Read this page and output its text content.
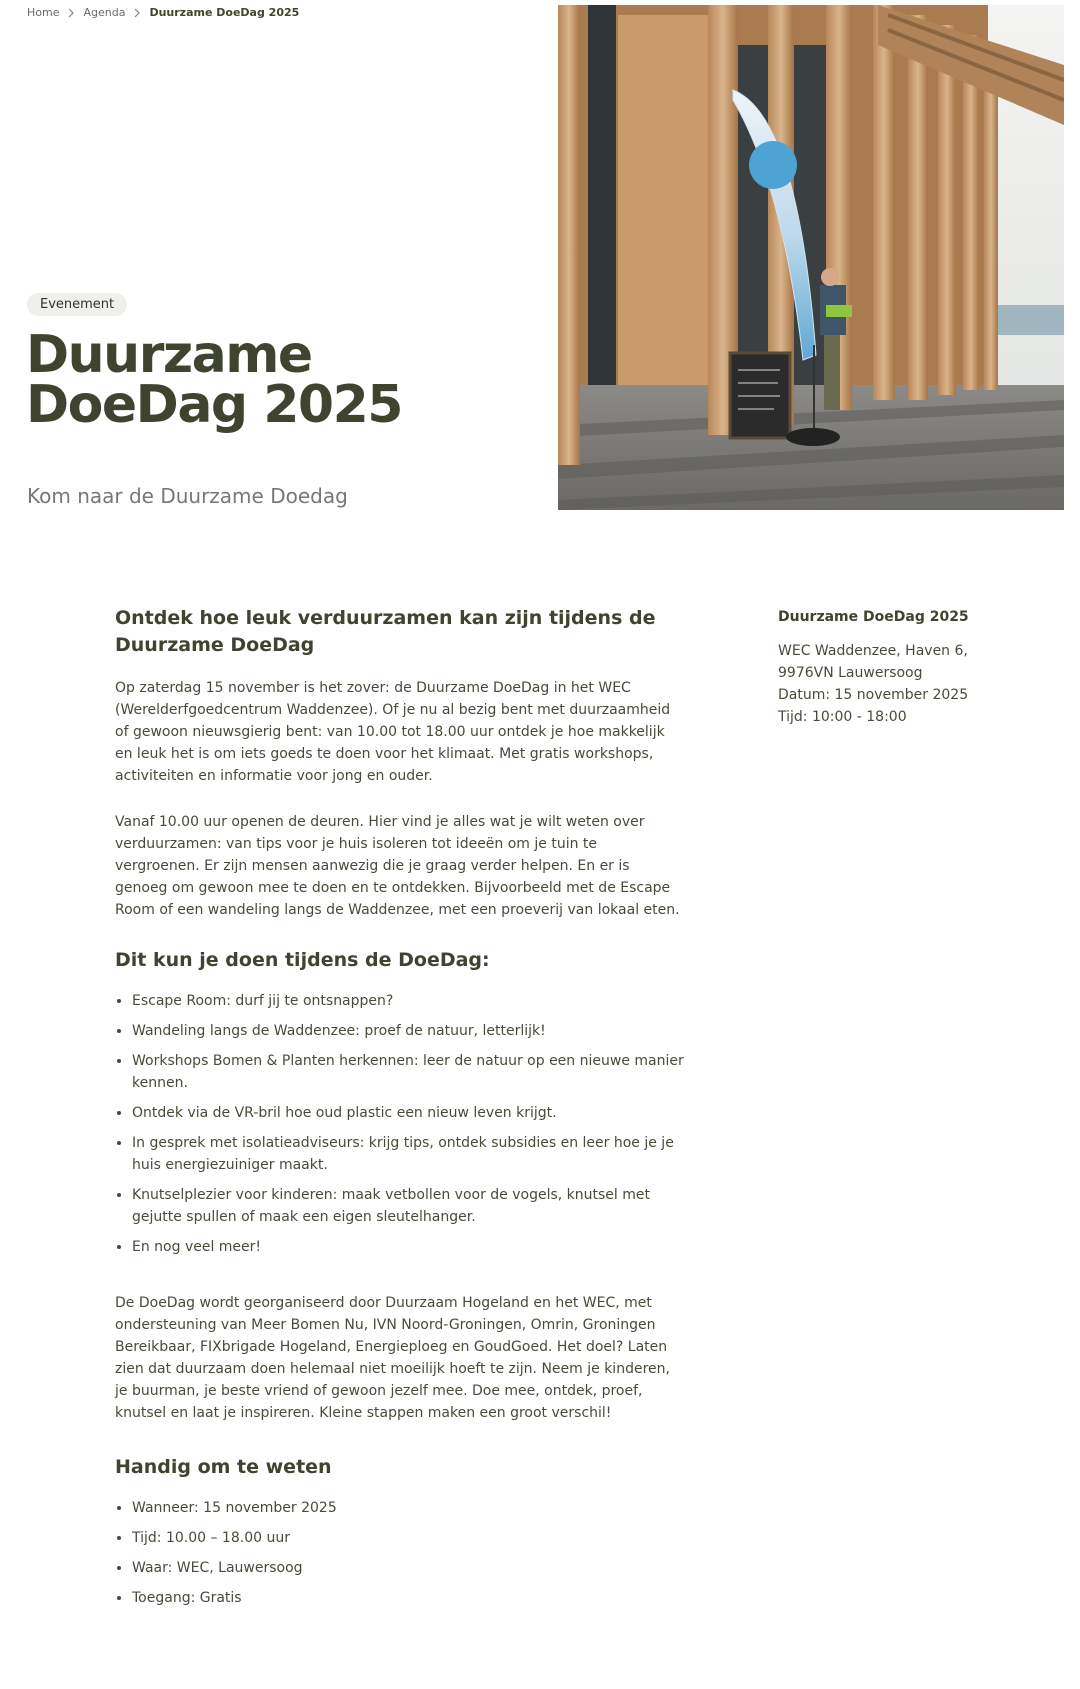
Home Agenda Duurzame DoeDag 2025
Evenement
Duurzame DoeDag 2025
Kom naar de Duurzame Doedag
Ontdek hoe leuk verduurzamen kan zijn tijdens de Duurzame DoeDag

Op zaterdag 15 november is het zover: de Duurzame DoeDag in het WEC (Werelderfgoedcentrum Waddenzee). Of je nu al bezig bent met duurzaamheid of gewoon nieuwsgierig bent: van 10.00 tot 18.00 uur ontdek je hoe makkelijk en leuk het is om iets goeds te doen voor het klimaat. Met gratis workshops, activiteiten en informatie voor jong en ouder.

Vanaf 10.00 uur openen de deuren. Hier vind je alles wat je wilt weten over verduurzamen: van tips voor je huis isoleren tot ideeën om je tuin te vergroenen. Er zijn mensen aanwezig die je graag verder helpen. En er is genoeg om gewoon mee te doen en te ontdekken. Bijvoorbeeld met de Escape Room of een wandeling langs de Waddenzee, met een proeverij van lokaal eten.

Dit kun je doen tijdens de DoeDag:
• Escape Room: durf jij te ontsnappen?
• Wandeling langs de Waddenzee: proef de natuur, letterlijk!
• Workshops Bomen & Planten herkennen: leer de natuur op een nieuwe manier kennen.
• Ontdek via de VR-bril hoe oud plastic een nieuw leven krijgt.
• In gesprek met isolatieadviseurs: krijg tips, ontdek subsidies en leer hoe je je huis energiezuiniger maakt.
• Knutselplezier voor kinderen: maak vetbollen voor de vogels, knutsel met gejutte spullen of maak een eigen sleutelhanger.
• En nog veel meer!

De DoeDag wordt georganiseerd door Duurzaam Hogeland en het WEC, met ondersteuning van Meer Bomen Nu, IVN Noord-Groningen, Omrin, Groningen Bereikbaar, FIXbrigade Hogeland, Energieploeg en GoudGoed. Het doel? Laten zien dat duurzaam doen helemaal niet moeilijk hoeft te zijn. Neem je kinderen, je buurman, je beste vriend of gewoon jezelf mee. Doe mee, ontdek, proef, knutsel en laat je inspireren. Kleine stappen maken een groot verschil!

Handig om te weten
• Wanneer: 15 november 2025
• Tijd: 10.00 – 18.00 uur
• Waar: WEC, Lauwersoog
• Toegang: Gratis
Duurzame DoeDag 2025
WEC Waddenzee, Haven 6,
9976VN Lauwersoog
Datum: 15 november 2025
Tijd: 10:00 - 18:00
